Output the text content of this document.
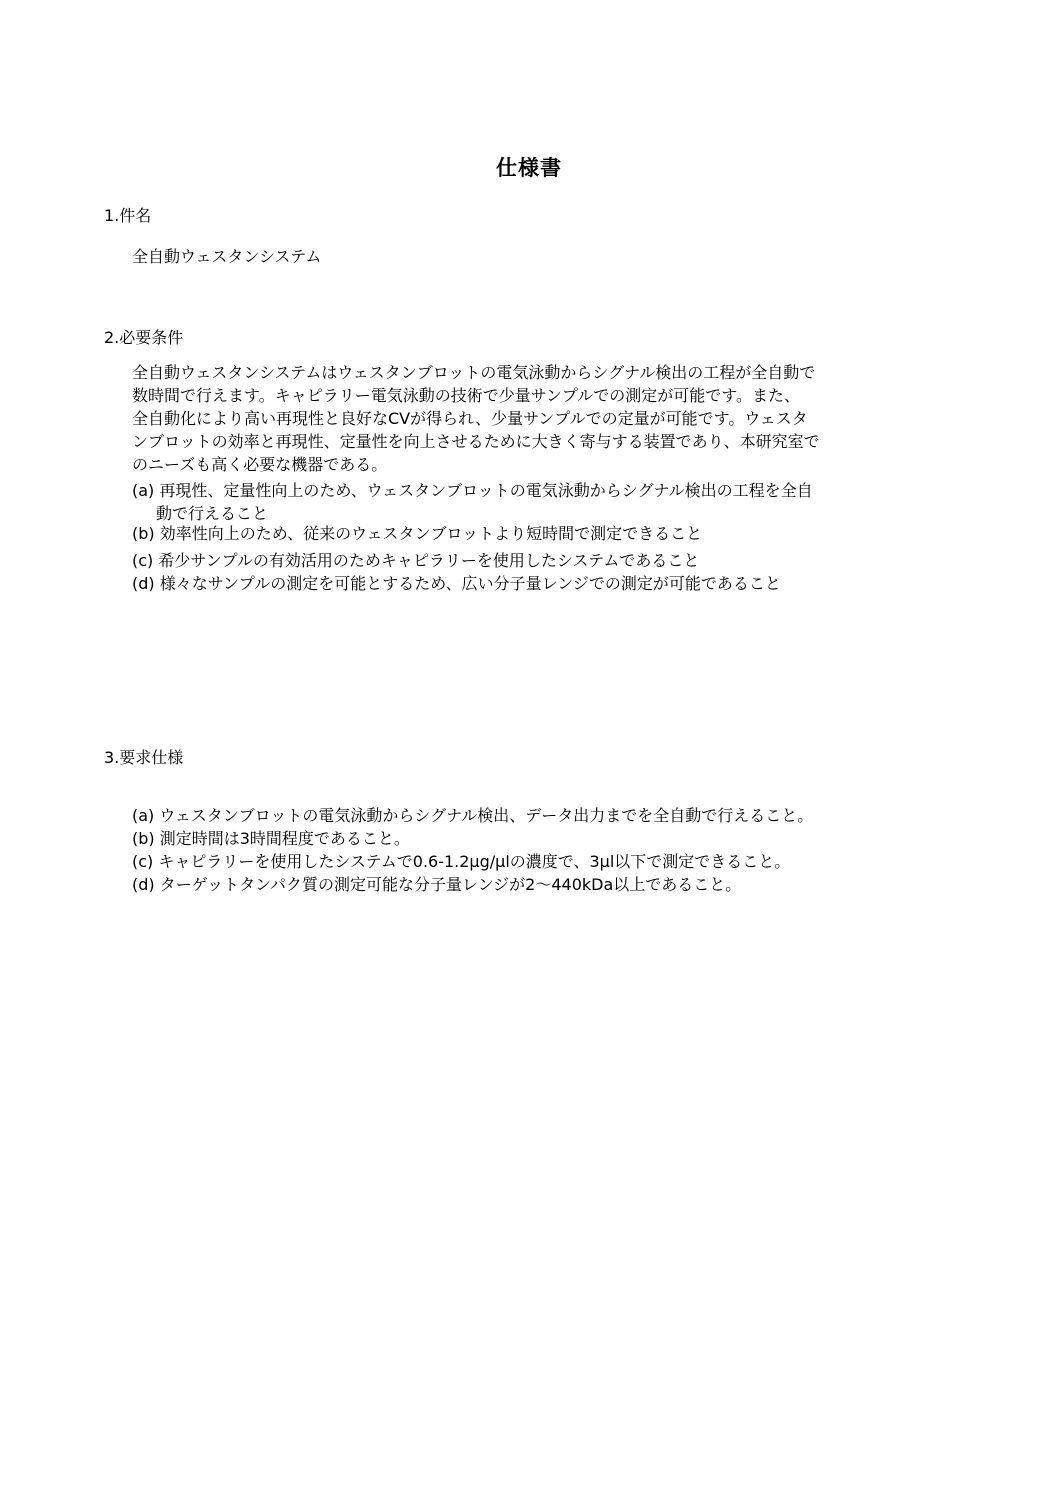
仕様書
1.件名
全自動ウェスタンシステム
2.必要条件
全自動ウェスタンシステムはウェスタンブロットの電気泳動からシグナル検出の工程が全自動で
数時間で行えます。キャピラリー電気泳動の技術で少量サンプルでの測定が可能です。また、
全自動化により高い再現性と良好なCVが得られ、少量サンプルでの定量が可能です。ウェスタ
ンブロットの効率と再現性、定量性を向上させるために大きく寄与する装置であり、本研究室で
のニーズも高く必要な機器である。
(a) 再現性、定量性向上のため、ウェスタンブロットの電気泳動からシグナル検出の工程を全自
動で行えること
(b) 効率性向上のため、従来のウェスタンブロットより短時間で測定できること
(c) 希少サンプルの有効活用のためキャピラリーを使用したシステムであること
(d) 様々なサンプルの測定を可能とするため、広い分子量レンジでの測定が可能であること
3.要求仕様
(a) ウェスタンブロットの電気泳動からシグナル検出、データ出力までを全自動で行えること。
(b) 測定時間は3時間程度であること。
(c) キャピラリーを使用したシステムで0.6-1.2μg/μlの濃度で、3μl以下で測定できること。
(d) ターゲットタンパク質の測定可能な分子量レンジが2～440kDa以上であること。
